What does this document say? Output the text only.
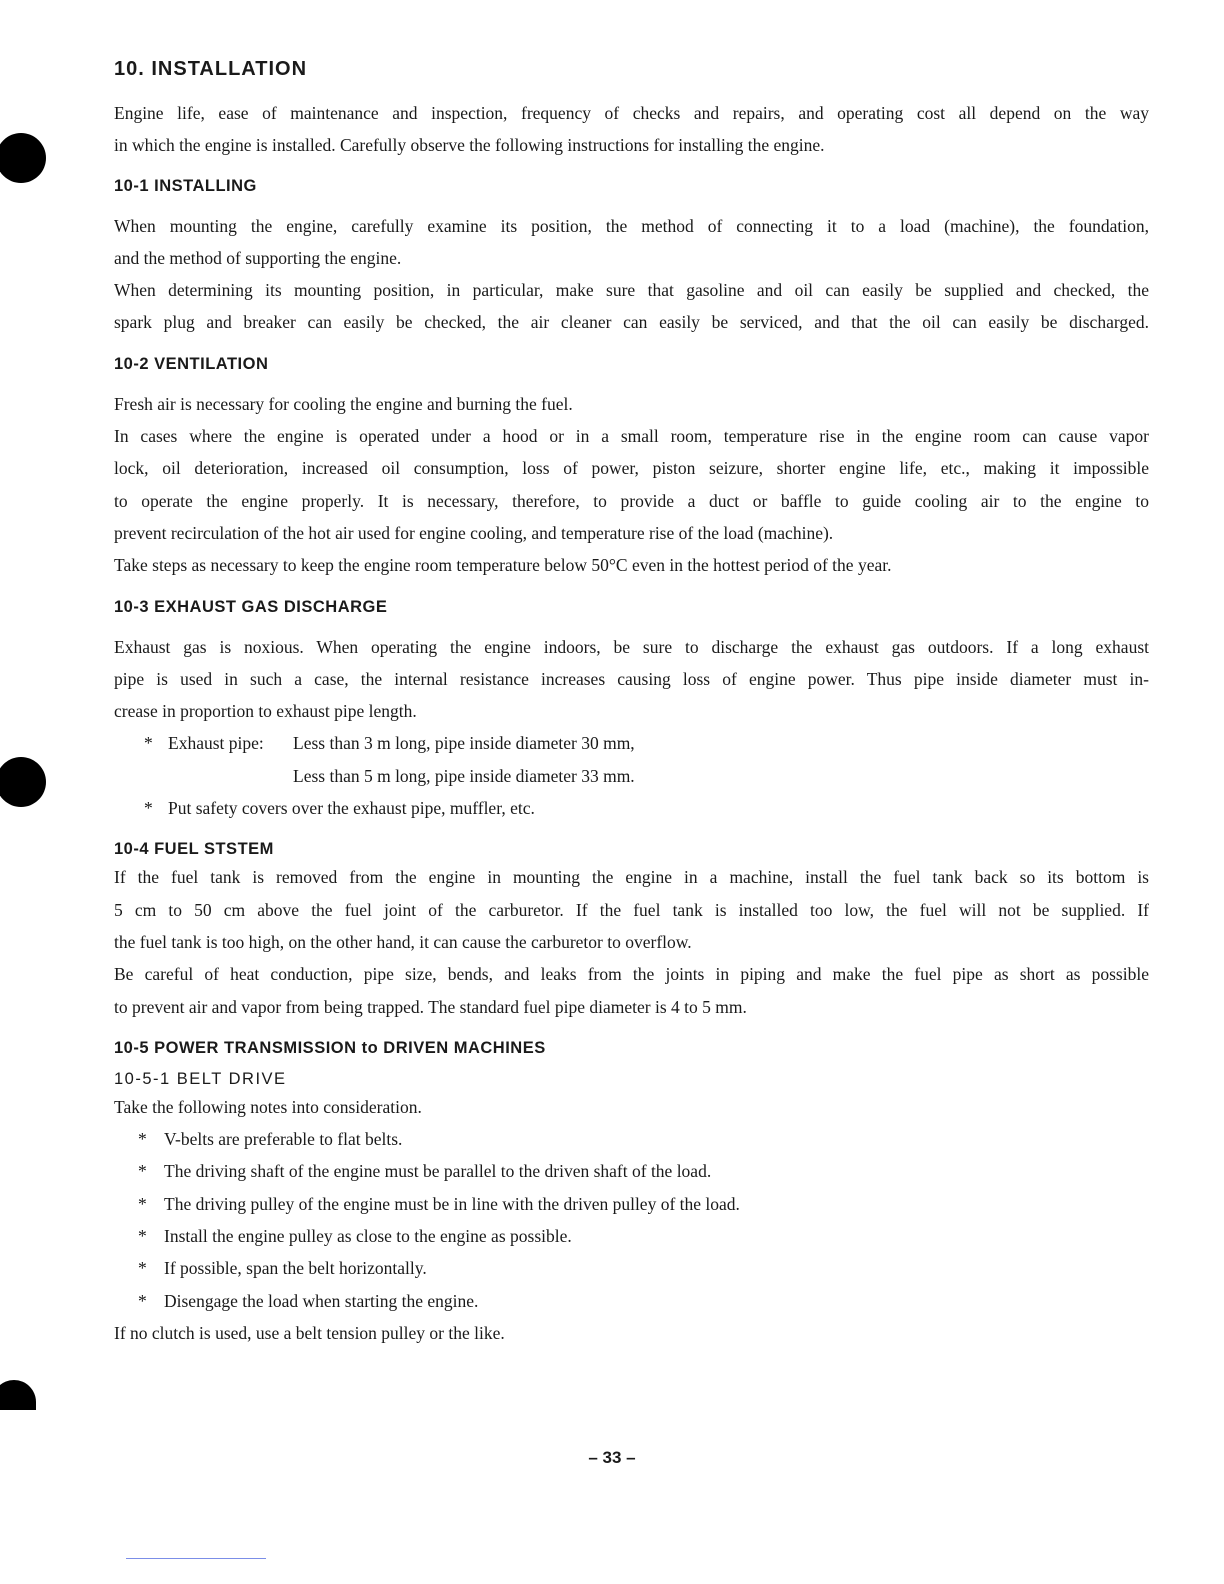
10. INSTALLATION

Engine life, ease of maintenance and inspection, frequency of checks and repairs, and operating cost all depend on the way

in which the engine is installed. Carefully observe the following instructions for installing the engine.

10-1 INSTALLING

When mounting the engine, carefully examine its position, the method of connecting it to a load (machine), the foundation,

and the method of supporting the engine.

When determining its mounting position, in particular, make sure that gasoline and oil can easily be supplied and checked, the

spark plug and breaker can easily be checked, the air cleaner can easily be serviced, and that the oil can easily be discharged.

10-2 VENTILATION

Fresh air is necessary for cooling the engine and burning the fuel.

In cases where the engine is operated under a hood or in a small room, temperature rise in the engine room can cause vapor

lock, oil deterioration, increased oil consumption, loss of power, piston seizure, shorter engine life, etc., making it impossible

to operate the engine properly. It is necessary, therefore, to provide a duct or baffle to guide cooling air to the engine to

prevent recirculation of the hot air used for engine cooling, and temperature rise of the load (machine).

Take steps as necessary to keep the engine room temperature below 50°C even in the hottest period of the year.

10-3 EXHAUST GAS DISCHARGE

Exhaust gas is noxious. When operating the engine indoors, be sure to discharge the exhaust gas outdoors. If a long exhaust

pipe is used in such a case, the internal resistance increases causing loss of engine power. Thus pipe inside diameter must in-

crease in proportion to exhaust pipe length.

* Exhaust pipe:	Less than 3 m long, pipe inside diameter 30 mm,
Less than 5 m long, pipe inside diameter 33 mm.
* Put safety covers over the exhaust pipe, muffler, etc.
10-4 FUEL STSTEM

If the fuel tank is removed from the engine in mounting the engine in a machine, install the fuel tank back so its bottom is

5 cm to 50 cm above the fuel joint of the carburetor. If the fuel tank is installed too low, the fuel will not be supplied. If

the fuel tank is too high, on the other hand, it can cause the carburetor to overflow.

Be careful of heat conduction, pipe size, bends, and leaks from the joints in piping and make the fuel pipe as short as possible

to prevent air and vapor from being trapped. The standard fuel pipe diameter is 4 to 5 mm.

10-5 POWER TRANSMISSION to DRIVEN MACHINES
10-5-1 BELT DRIVE

Take the following notes into consideration.

* V-belts are preferable to flat belts.
* The driving shaft of the engine must be parallel to the driven shaft of the load.
* The driving pulley of the engine must be in line with the driven pulley of the load.
* Install the engine pulley as close to the engine as possible.
* If possible, span the belt horizontally.
* Disengage the load when starting the engine.

If no clutch is used, use a belt tension pulley or the like.

– 33 –
